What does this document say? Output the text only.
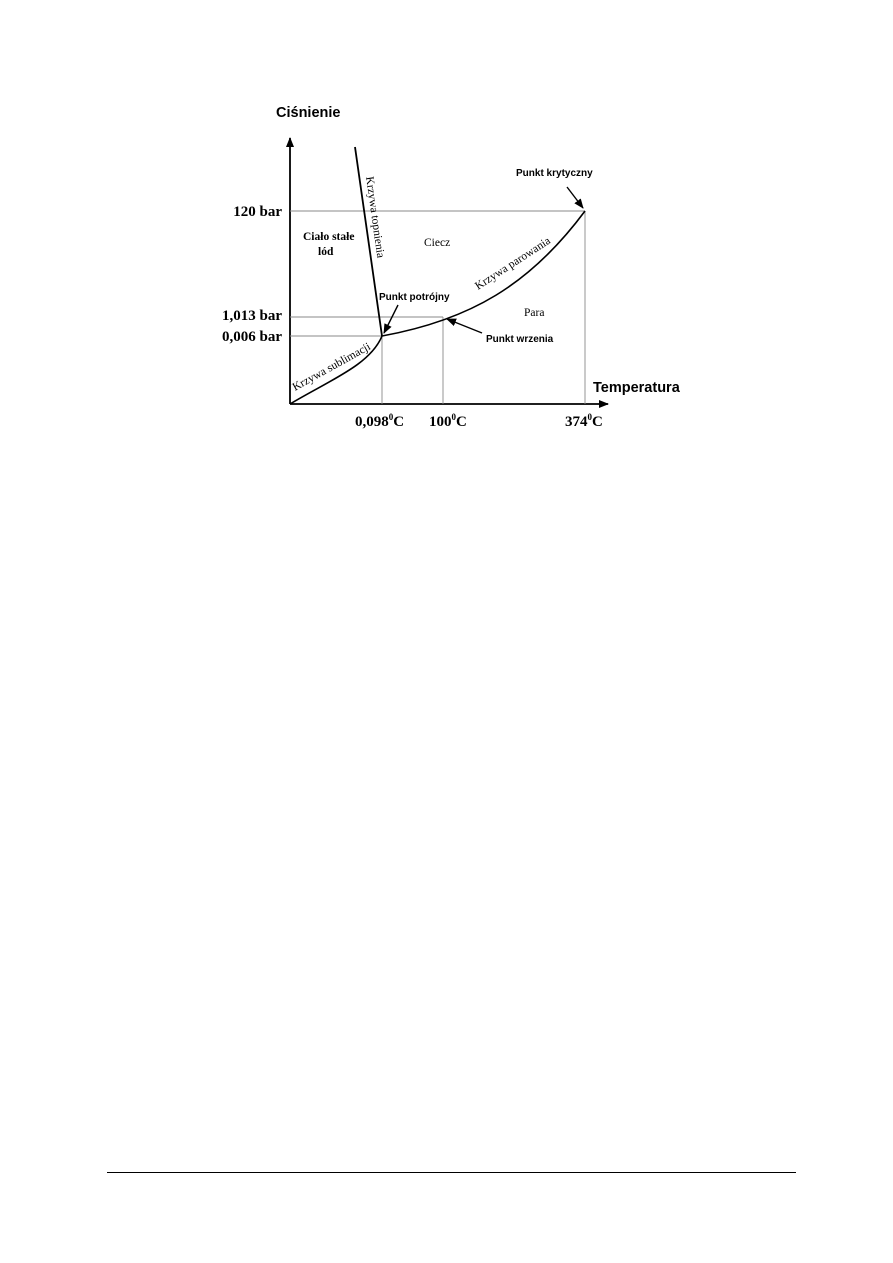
Ciśnienie
Temperatura
120 bar
1,013 bar
0,006 bar
0,098$^0$C $100^0C$	$374^0C$
Ciało stałe
lód
Ciecz
Para
Krzywa topnienia
Krzywa parowania
Krzywa sublimacji
Punkt krytyczny
Punkt potrójny
Punkt wrzenia
